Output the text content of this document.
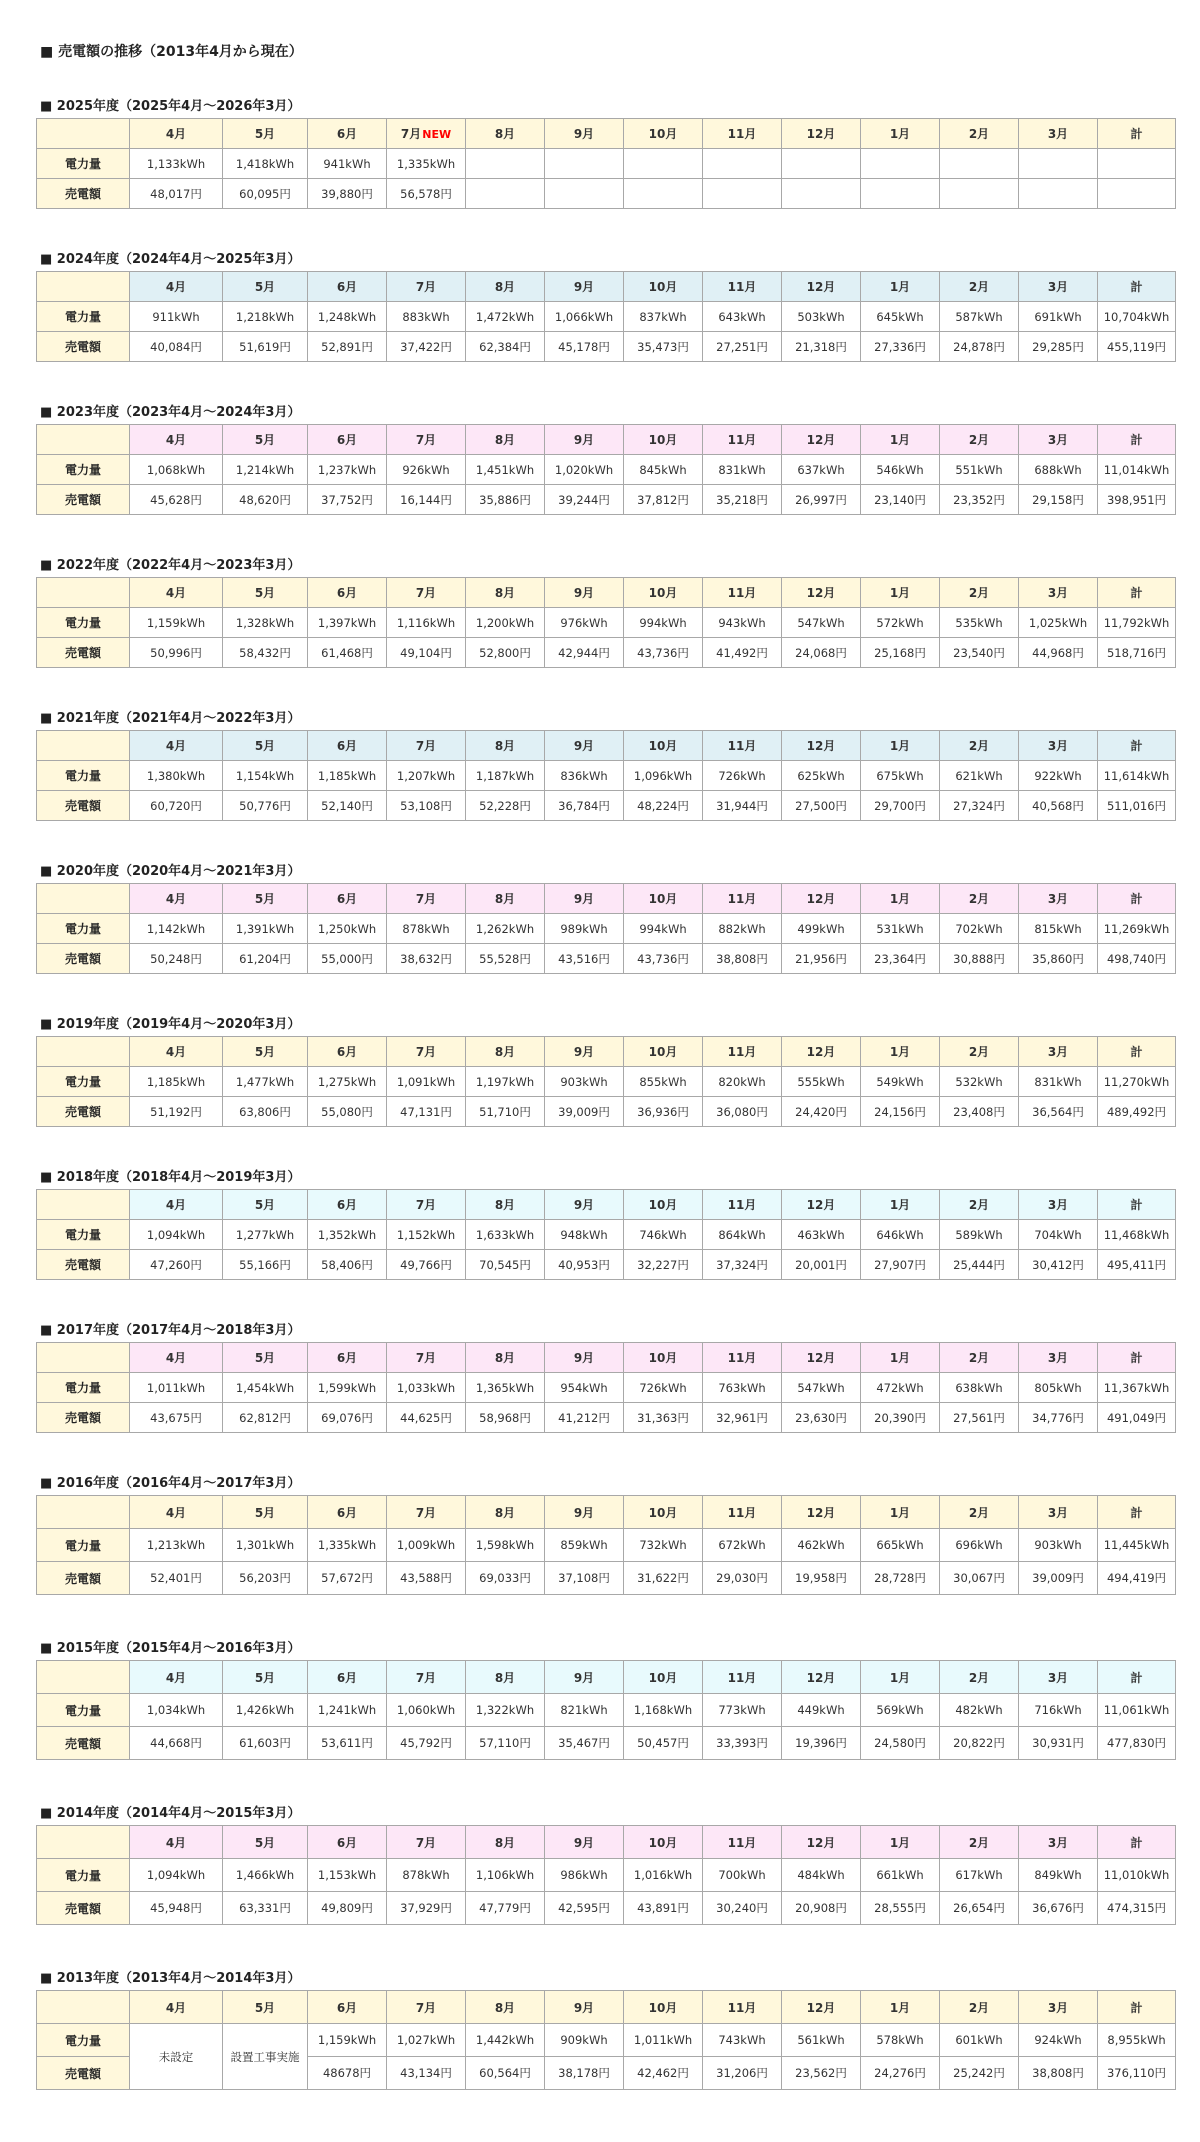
■ 売電額の推移（2013年4月から現在）
■ 2025年度（2025年4月～2026年3月）
	4月	5月	6月	7月NEW	8月	9月	10月	11月	12月	1月	2月	3月	計
電力量	1,133kWh	1,418kWh	941kWh	1,335kWh									
売電額	48,017円	60,095円	39,880円	56,578円									
■ 2024年度（2024年4月～2025年3月）
	4月	5月	6月	7月	8月	9月	10月	11月	12月	1月	2月	3月	計
電力量	911kWh	1,218kWh	1,248kWh	883kWh	1,472kWh	1,066kWh	837kWh	643kWh	503kWh	645kWh	587kWh	691kWh	10,704kWh
売電額	40,084円	51,619円	52,891円	37,422円	62,384円	45,178円	35,473円	27,251円	21,318円	27,336円	24,878円	29,285円	455,119円
■ 2023年度（2023年4月～2024年3月）
	4月	5月	6月	7月	8月	9月	10月	11月	12月	1月	2月	3月	計
電力量	1,068kWh	1,214kWh	1,237kWh	926kWh	1,451kWh	1,020kWh	845kWh	831kWh	637kWh	546kWh	551kWh	688kWh	11,014kWh
売電額	45,628円	48,620円	37,752円	16,144円	35,886円	39,244円	37,812円	35,218円	26,997円	23,140円	23,352円	29,158円	398,951円
■ 2022年度（2022年4月～2023年3月）
	4月	5月	6月	7月	8月	9月	10月	11月	12月	1月	2月	3月	計
電力量	1,159kWh	1,328kWh	1,397kWh	1,116kWh	1,200kWh	976kWh	994kWh	943kWh	547kWh	572kWh	535kWh	1,025kWh	11,792kWh
売電額	50,996円	58,432円	61,468円	49,104円	52,800円	42,944円	43,736円	41,492円	24,068円	25,168円	23,540円	44,968円	518,716円
■ 2021年度（2021年4月～2022年3月）
	4月	5月	6月	7月	8月	9月	10月	11月	12月	1月	2月	3月	計
電力量	1,380kWh	1,154kWh	1,185kWh	1,207kWh	1,187kWh	836kWh	1,096kWh	726kWh	625kWh	675kWh	621kWh	922kWh	11,614kWh
売電額	60,720円	50,776円	52,140円	53,108円	52,228円	36,784円	48,224円	31,944円	27,500円	29,700円	27,324円	40,568円	511,016円
■ 2020年度（2020年4月～2021年3月）
	4月	5月	6月	7月	8月	9月	10月	11月	12月	1月	2月	3月	計
電力量	1,142kWh	1,391kWh	1,250kWh	878kWh	1,262kWh	989kWh	994kWh	882kWh	499kWh	531kWh	702kWh	815kWh	11,269kWh
売電額	50,248円	61,204円	55,000円	38,632円	55,528円	43,516円	43,736円	38,808円	21,956円	23,364円	30,888円	35,860円	498,740円
■ 2019年度（2019年4月～2020年3月）
	4月	5月	6月	7月	8月	9月	10月	11月	12月	1月	2月	3月	計
電力量	1,185kWh	1,477kWh	1,275kWh	1,091kWh	1,197kWh	903kWh	855kWh	820kWh	555kWh	549kWh	532kWh	831kWh	11,270kWh
売電額	51,192円	63,806円	55,080円	47,131円	51,710円	39,009円	36,936円	36,080円	24,420円	24,156円	23,408円	36,564円	489,492円
■ 2018年度（2018年4月～2019年3月）
	4月	5月	6月	7月	8月	9月	10月	11月	12月	1月	2月	3月	計
電力量	1,094kWh	1,277kWh	1,352kWh	1,152kWh	1,633kWh	948kWh	746kWh	864kWh	463kWh	646kWh	589kWh	704kWh	11,468kWh
売電額	47,260円	55,166円	58,406円	49,766円	70,545円	40,953円	32,227円	37,324円	20,001円	27,907円	25,444円	30,412円	495,411円
■ 2017年度（2017年4月～2018年3月）
	4月	5月	6月	7月	8月	9月	10月	11月	12月	1月	2月	3月	計
電力量	1,011kWh	1,454kWh	1,599kWh	1,033kWh	1,365kWh	954kWh	726kWh	763kWh	547kWh	472kWh	638kWh	805kWh	11,367kWh
売電額	43,675円	62,812円	69,076円	44,625円	58,968円	41,212円	31,363円	32,961円	23,630円	20,390円	27,561円	34,776円	491,049円
■ 2016年度（2016年4月～2017年3月）
	4月	5月	6月	7月	8月	9月	10月	11月	12月	1月	2月	3月	計
電力量	1,213kWh	1,301kWh	1,335kWh	1,009kWh	1,598kWh	859kWh	732kWh	672kWh	462kWh	665kWh	696kWh	903kWh	11,445kWh
売電額	52,401円	56,203円	57,672円	43,588円	69,033円	37,108円	31,622円	29,030円	19,958円	28,728円	30,067円	39,009円	494,419円
■ 2015年度（2015年4月～2016年3月）
	4月	5月	6月	7月	8月	9月	10月	11月	12月	1月	2月	3月	計
電力量	1,034kWh	1,426kWh	1,241kWh	1,060kWh	1,322kWh	821kWh	1,168kWh	773kWh	449kWh	569kWh	482kWh	716kWh	11,061kWh
売電額	44,668円	61,603円	53,611円	45,792円	57,110円	35,467円	50,457円	33,393円	19,396円	24,580円	20,822円	30,931円	477,830円
■ 2014年度（2014年4月～2015年3月）
	4月	5月	6月	7月	8月	9月	10月	11月	12月	1月	2月	3月	計
電力量	1,094kWh	1,466kWh	1,153kWh	878kWh	1,106kWh	986kWh	1,016kWh	700kWh	484kWh	661kWh	617kWh	849kWh	11,010kWh
売電額	45,948円	63,331円	49,809円	37,929円	47,779円	42,595円	43,891円	30,240円	20,908円	28,555円	26,654円	36,676円	474,315円
■ 2013年度（2013年4月～2014年3月）
	4月	5月	6月	7月	8月	9月	10月	11月	12月	1月	2月	3月	計
電力量	未設定	設置工事実施	1,159kWh	1,027kWh	1,442kWh	909kWh	1,011kWh	743kWh	561kWh	578kWh	601kWh	924kWh	8,955kWh
売電額			48678円	43,134円	60,564円	38,178円	42,462円	31,206円	23,562円	24,276円	25,242円	38,808円	376,110円
